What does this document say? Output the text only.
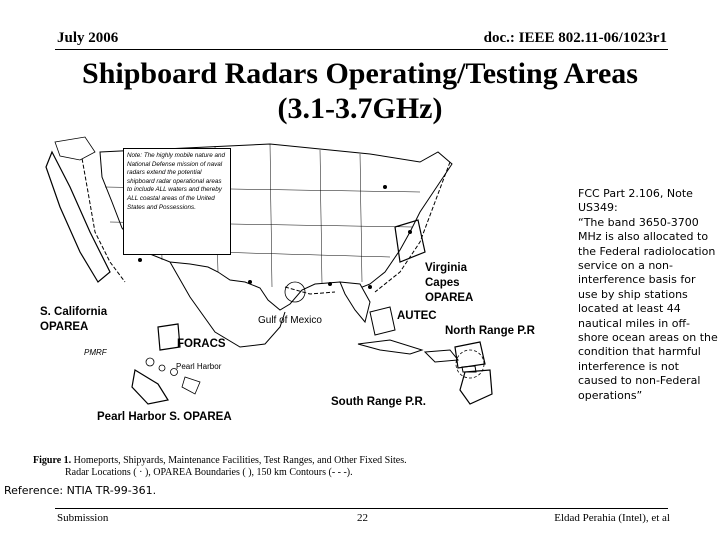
July 2006	doc.: IEEE 802.11-06/1023r1
Shipboard Radars Operating/Testing Areas
(3.1-3.7GHz)
Note: The highly mobile nature and National Defense mission of naval radars extend the potential shipboard radar operational areas to include ALL waters and thereby ALL coastal areas of the United States and Possessions.
Virginia
Capes
OPAREA
S. California
OPAREA
Gulf of Mexico	AUTEC
North Range P.R
FORACS
PMRF
Pearl Harbor
Pearl Harbor S. OPAREA
South Range P.R.
FCC Part 2.106, Note US349:
“The band 3650-3700 MHz is also allocated to the Federal radiolocation service on a non-interference basis for use by ship stations located at least 44 nautical miles in off-shore ocean areas on the condition that harmful interference is not caused to non-Federal operations”
Figure 1. Homeports, Shipyards, Maintenance Facilities, Test Ranges, and Other Fixed Sites.
Radar Locations ( · ), OPAREA Boundaries ( ), 150 km Contours (- - -).
Reference: NTIA TR-99-361.
Submission	22	Eldad Perahia (Intel), et al
